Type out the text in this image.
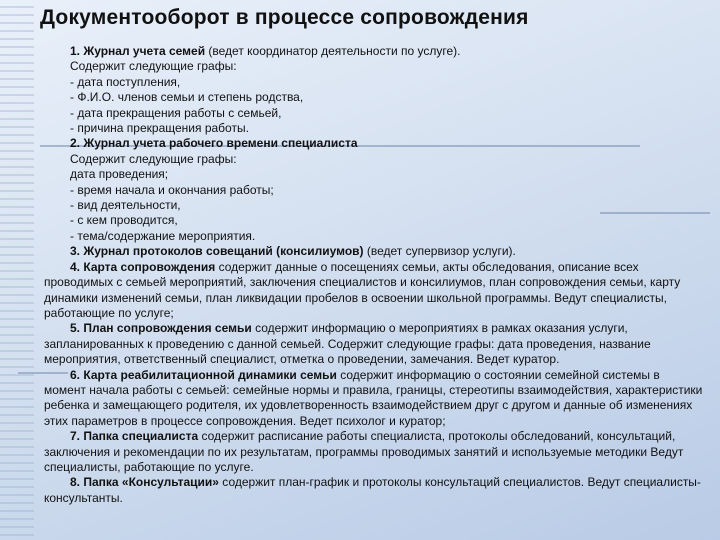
Документооборот в процессе сопровождения

1. Журнал учета семей (ведет координатор деятельности по услуге).

Содержит следующие графы:

- дата поступления,

- Ф.И.О. членов семьи и степень родства,

- дата прекращения работы с семьей,

- причина прекращения работы.

2. Журнал учета рабочего времени специалиста

Содержит следующие графы:

дата проведения;

- время начала и окончания работы;

- вид деятельности,

- с кем проводится,

- тема/содержание мероприятия.

3. Журнал протоколов совещаний (консилиумов) (ведет супервизор услуги).

4. Карта сопровождения содержит данные о посещениях семьи, акты обследования, описание всех проводимых с семьей мероприятий, заключения специалистов и консилиумов, план сопровождения семьи, карту динамики изменений семьи, план ликвидации пробелов в освоении школьной программы. Ведут специалисты, работающие по услуге;

5. План сопровождения семьи содержит информацию о мероприятиях в рамках оказания услуги, запланированных к проведению с данной семьей. Содержит следующие графы: дата проведения, название мероприятия, ответственный специалист, отметка о проведении, замечания. Ведет куратор.

6. Карта реабилитационной динамики семьи содержит информацию о состоянии семейной системы в момент начала работы с семьей: семейные нормы и правила, границы, стереотипы взаимодействия, характеристики ребенка и замещающего родителя, их удовлетворенность взаимодействием друг с другом и данные об изменениях этих параметров в процессе сопровождения. Ведет психолог и куратор;

7. Папка специалиста содержит расписание работы специалиста, протоколы обследований, консультаций, заключения и рекомендации по их результатам, программы проводимых занятий и используемые методики Ведут специалисты, работающие по услуге.

8. Папка «Консультации» содержит план-график и протоколы консультаций специалистов. Ведут специалисты-консультанты.
